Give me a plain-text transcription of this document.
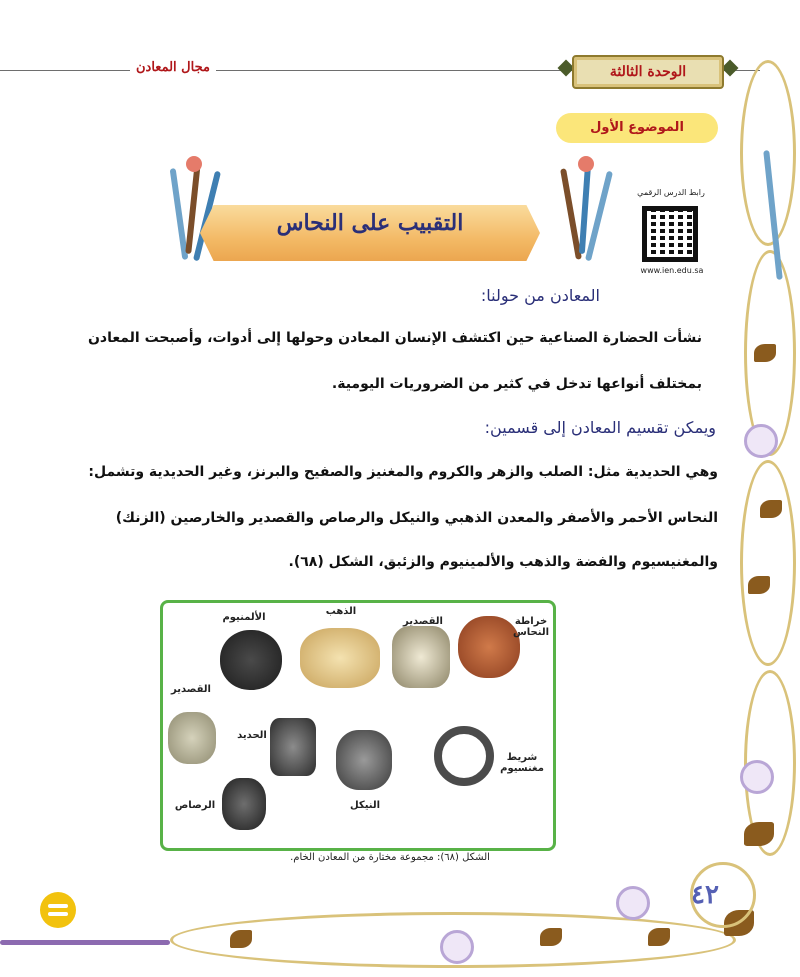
الوحدة الثالثة
مجال المعادن
الموضوع الأول
التقبيب على النحاس
رابط الدرس الرقمي
www.ien.edu.sa
المعادن من حولنا:
نشأت الحضارة الصناعية حين اكتشف الإنسان المعادن وحولها إلى أدوات، وأصبحت المعادن
بمختلف أنواعها تدخل في كثير من الضروريات اليومية.
ويمكن تقسيم المعادن إلى قسمين:
وهي الحديدية مثل: الصلب والزهر والكروم والمغنيز والصفيح والبرنز، وغير الحديدية وتشمل:
النحاس الأحمر والأصفر والمعدن الذهبي والنيكل والرصاص والقصدير والخارصين (الزنك)
والمغنيسيوم والفضة والذهب والألمينيوم والزئبق، الشكل (٦٨).
خراطة
النحاس
القصدير
الذهب
الألمنيوم
القصدير
الحديد
شريط
مغنسيوم
النيكل
الرصاص
الشكل (٦٨): مجموعة مختارة من المعادن الخام.
٤٢
